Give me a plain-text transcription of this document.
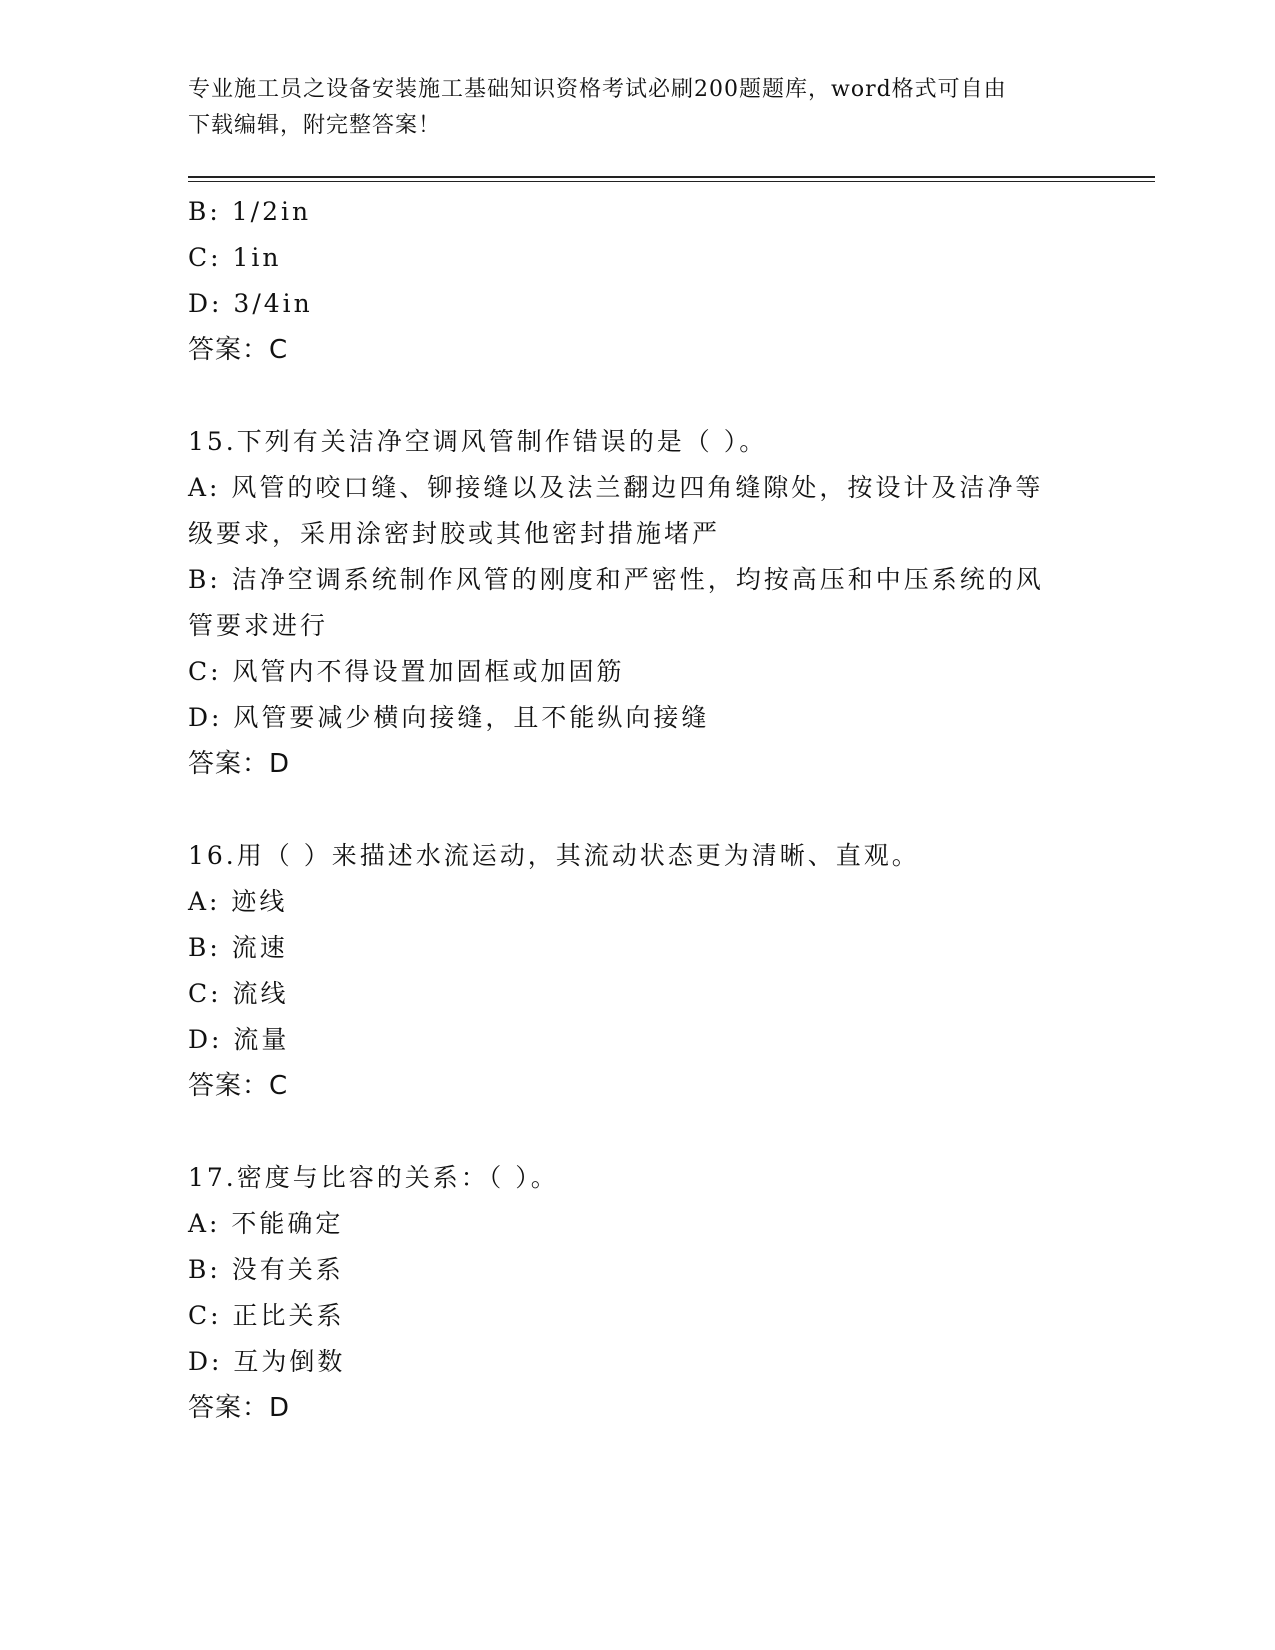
专业施工员之设备安装施工基础知识资格考试必刷200题题库，word格式可自由
下载编辑，附完整答案！
B: 1/2in
C: 1in
D: 3/4in
答案：C
15.下列有关洁净空调风管制作错误的是（ ）。
A: 风管的咬口缝、铆接缝以及法兰翻边四角缝隙处，按设计及洁净等
级要求，采用涂密封胶或其他密封措施堵严
B: 洁净空调系统制作风管的刚度和严密性，均按高压和中压系统的风
管要求进行
C: 风管内不得设置加固框或加固筋
D: 风管要减少横向接缝，且不能纵向接缝
答案：D
16.用（ ）来描述水流运动，其流动状态更为清晰、直观。
A: 迹线
B: 流速
C: 流线
D: 流量
答案：C
17.密度与比容的关系：（ ）。
A: 不能确定
B: 没有关系
C: 正比关系
D: 互为倒数
答案：D
